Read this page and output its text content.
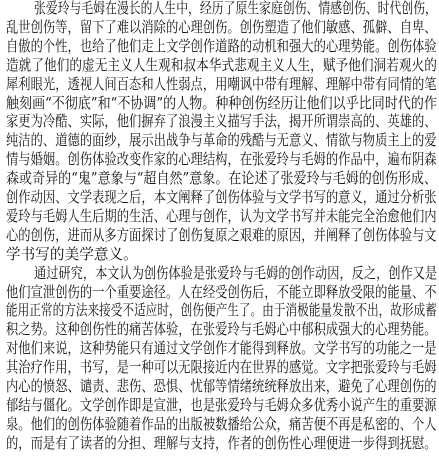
张爱玲与毛姆在漫长的人生中，经历了原生家庭创伤、情感创伤、时代创伤，
乱世创伤等，留下了难以消除的心理创伤。创伤塑造了他们敏感、孤僻、自卑、
自傲的个性，也给了他们走上文学创作道路的动机和强大的心理势能。创伤体验
造就了他们的虚无主义人生观和叔本华式悲观主义人生，赋予他们洞若观火的
犀利眼光，透视人间百态和人性弱点，用嘲讽中带有理解、理解中带有同情的笔
触刻画“不彻底”和“不协调”的人物。种种创伤经历让他们以乎比同时代的作
家更为冷酷、实际，他们摒弃了浪漫主义描写手法，揭开所谓崇高的、英雄的、
纯洁的、道德的面纱，展示出战争与革命的残酷与无意义、情欲与物质主上的爱
情与婚姻。创伤体验改变作家的心理结构，在张爱玲与毛姆的作品中，遍布阴森
森或奇异的“鬼”意象与“超自然”意象。在论述了张爱玲与毛姆的创伤形成、
创作动因、文学表现之后，本文阐释了创伤体验与文学书写的意义，通过分析张
爱玲与毛姆人生后期的生活、心理与创作，认为文学书写并未能完全治愈他们内
心的创伤，进而从多方面探讨了创伤复原之艰难的原因，并阐释了创伤体验与文
学书写的美学意义。
通过研究，本文认为创伤体验是张爱玲与毛姆的创作动因，反之，创作又是
他们宣泄创伤的一个重要途径。人在经受创伤后，不能立即释放受限的能量、不
能用正常的方法来接受不适应时，创伤便产生了。由于消极能量发散不出，故形成蓄
积之势。这种创伤性的痛苦体验，在张爱玲与毛姆心中郁积成强大的心理势能。
对他们来说，这种势能只有通过文学创作才能得到释放。文学书写的功能之一是
其治疗作用，书写，是一种可以无限接近内在世界的感觉。文字把张爱玲与毛姆
内心的愤怒、谴责、悲伤、恐惧、忧郁等情绪统统释放出来，避免了心理创伤的
郁结与僵化。文学创作即是宣泄，也是张爱玲与毛姆众多优秀小说产生的重要源
泉。他们的创伤体验随着作品的出版被数播给公众，痛苦便不再是私密的、个人
的，而是有了读者的分担、理解与支持，作者的创伤性心理便进一步得到抚慰。
